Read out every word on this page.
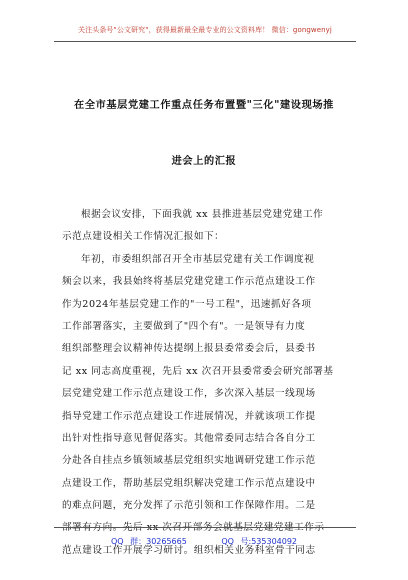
关注头条号"公文研究"，获得最新最全最专业的公文资料库！ 微信：gongwenyj
在全市基层党建工作重点任务布置暨"三化"建设现场推
进会上的汇报
根据会议安排，下面我就 xx 县推进基层党建党建工作
示范点建设相关工作情况汇报如下：
年初，市委组织部召开全市基层党建有关工作调度视
频会以来，我县始终将基层党建党建工作示范点建设工作
作为2024年基层党建工作的"一号工程"，迅速抓好各项
工作部署落实，主要做到了"四个有"。一是领导有力度
组织部整理会议精神传达提纲上报县委常委会后，县委书
记 xx 同志高度重视，先后 xx 次召开县委常委会研究部署基
层党建党建工作示范点建设工作，多次深入基层一线现场
指导党建工作示范点建设工作进展情况，并就该项工作提
出针对性指导意见督促落实。其他常委同志结合各自分工
分赴各自挂点乡镇领域基层党组织实地调研党建工作示范
点建设工作，帮助基层党组织解决党建工作示范点建设中
的难点问题，充分发挥了示范引领和工作保障作用。二是
部署有方向。先后 xx 次召开部务会就基层党建党建工作示
范点建设工作开展学习研讨。组织相关业务科室骨干同志
QQ 群：30265665	QQ 号:535304092
